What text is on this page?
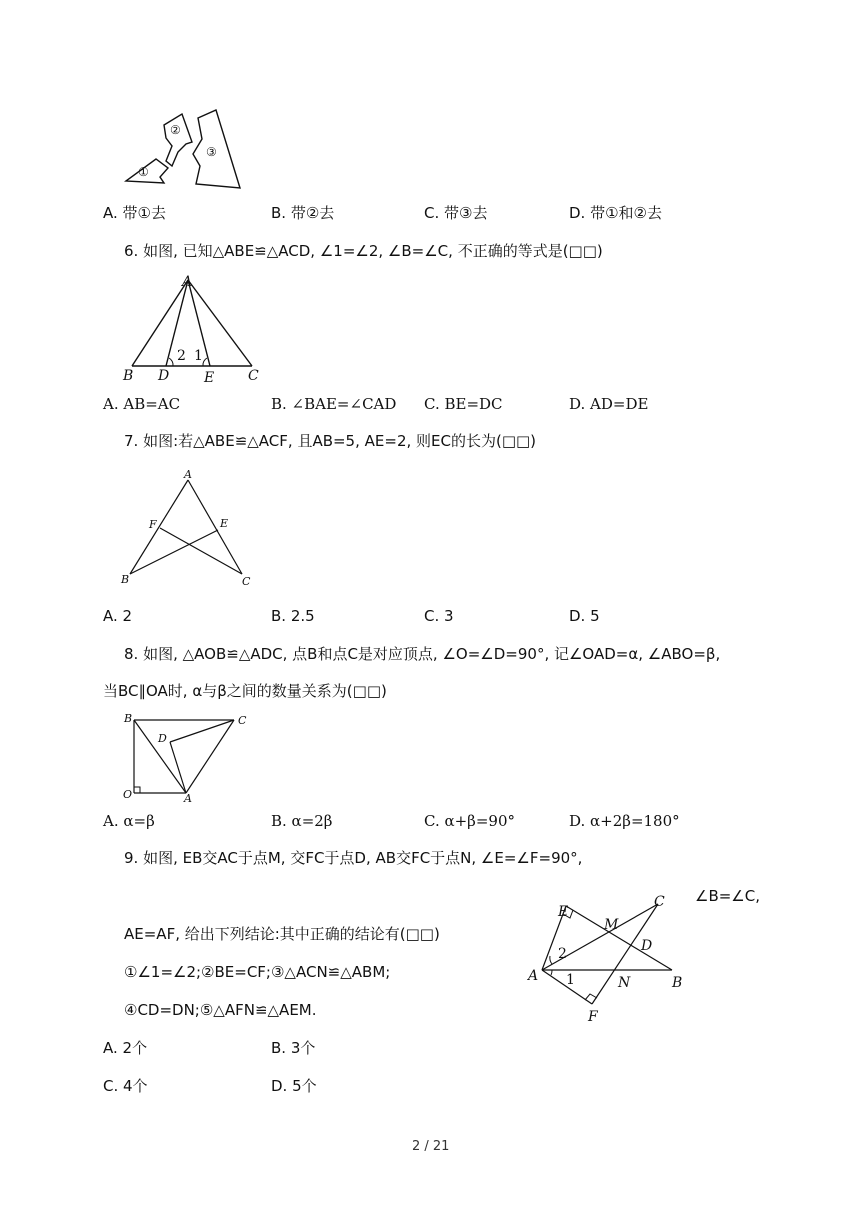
①
②
③
A. 带①去	B. 带②去	C. 带③去	D. 带①和②去
6. 如图, 已知△ABE≌△ACD, ∠1=∠2, ∠B=∠C, 不正确的等式是(□□)
A
B D E C
2 1
A. AB=AC	B. ∠BAE=∠CAD C. BE=DC	D. AD=DE
7. 如图:若△ABE≌△ACF, 且AB=5, AE=2, 则EC的长为(□□)
A
F	E
B	C
A. 2	B. 2.5	C. 3	D. 5
8. 如图, △AOB≌△ADC, 点B和点C是对应顶点, ∠O=∠D=90°, 记∠OAD=α, ∠ABO=β,
当BC∥OA时, α与β之间的数量关系为(□□)
B	C
D
O	A
A. α=β	B. α=2β	C. α+β=90°	D. α+2β=180°
9. 如图, EB交AC于点M, 交FC于点D, AB交FC于点N, ∠E=∠F=90°,
∠B=∠C,
AE=AF, 给出下列结论:其中正确的结论有(□□)
①∠1=∠2;②BE=CF;③△ACN≌△ABM;
④CD=DN;⑤△AFN≌△AEM.
E
C
M
D
A	N	B
F
2
1
A. 2个	B. 3个
C. 4个	D. 5个
2 / 21
